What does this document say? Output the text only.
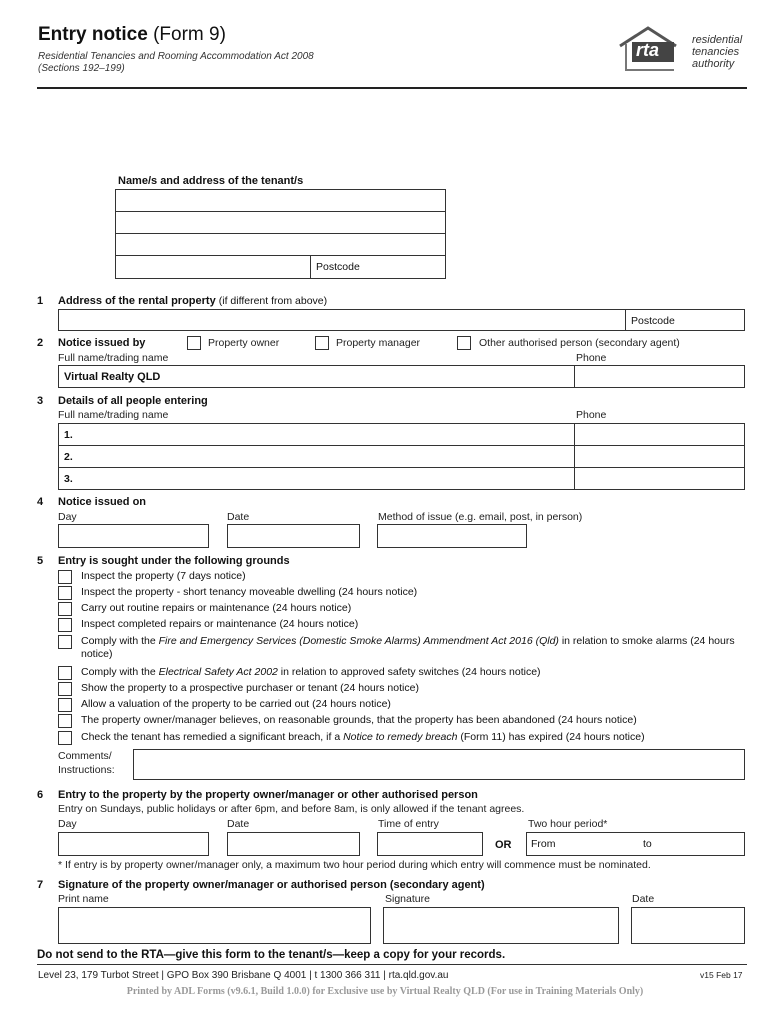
Entry notice (Form 9)
Residential Tenancies and Rooming Accommodation Act 2008
(Sections 192–199)
rta	residential
tenancies
authority
Name/s and address of the tenant/s
Postcode
1 Address of the rental property (if different from above)
Postcode
2 Notice issued by	Property owner	Property manager	Other authorised person (secondary agent)
Full name/trading name	Phone
Virtual Realty QLD
3 Details of all people entering
Full name/trading name	Phone
1.
2.
3.
4 Notice issued on
Day	Date	Method of issue (e.g. email, post, in person)
5 Entry is sought under the following grounds
Inspect the property (7 days notice)
Inspect the property - short tenancy moveable dwelling (24 hours notice)
Carry out routine repairs or maintenance (24 hours notice)
Inspect completed repairs or maintenance (24 hours notice)
Comply with the Fire and Emergency Services (Domestic Smoke Alarms) Ammendment Act 2016 (Qld) in relation to smoke alarms (24 hours notice)
Comply with the Electrical Safety Act 2002 in relation to approved safety switches (24 hours notice)
Show the property to a prospective purchaser or tenant (24 hours notice)
Allow a valuation of the property to be carried out (24 hours notice)
The property owner/manager believes, on reasonable grounds, that the property has been abandoned (24 hours notice)
Check the tenant has remedied a significant breach, if a Notice to remedy breach (Form 11) has expired (24 hours notice)
Comments/
Instructions:
6 Entry to the property by the property owner/manager or other authorised person
Entry on Sundays, public holidays or after 6pm, and before 8am, is only allowed if the tenant agrees.
Day	Date	Time of entry	Two hour period*
OR From	to
* If entry is by property owner/manager only, a maximum two hour period during which entry will commence must be nominated.
7 Signature of the property owner/manager or authorised person (secondary agent)
Print name	Signature	Date
Do not send to the RTA—give this form to the tenant/s—keep a copy for your records.
Level 23, 179 Turbot Street | GPO Box 390 Brisbane Q 4001 | t 1300 366 311 | rta.qld.gov.au	v15 Feb 17
Printed by ADL Forms (v9.6.1, Build 1.0.0) for Exclusive use by Virtual Realty QLD (For use in Training Materials Only)
